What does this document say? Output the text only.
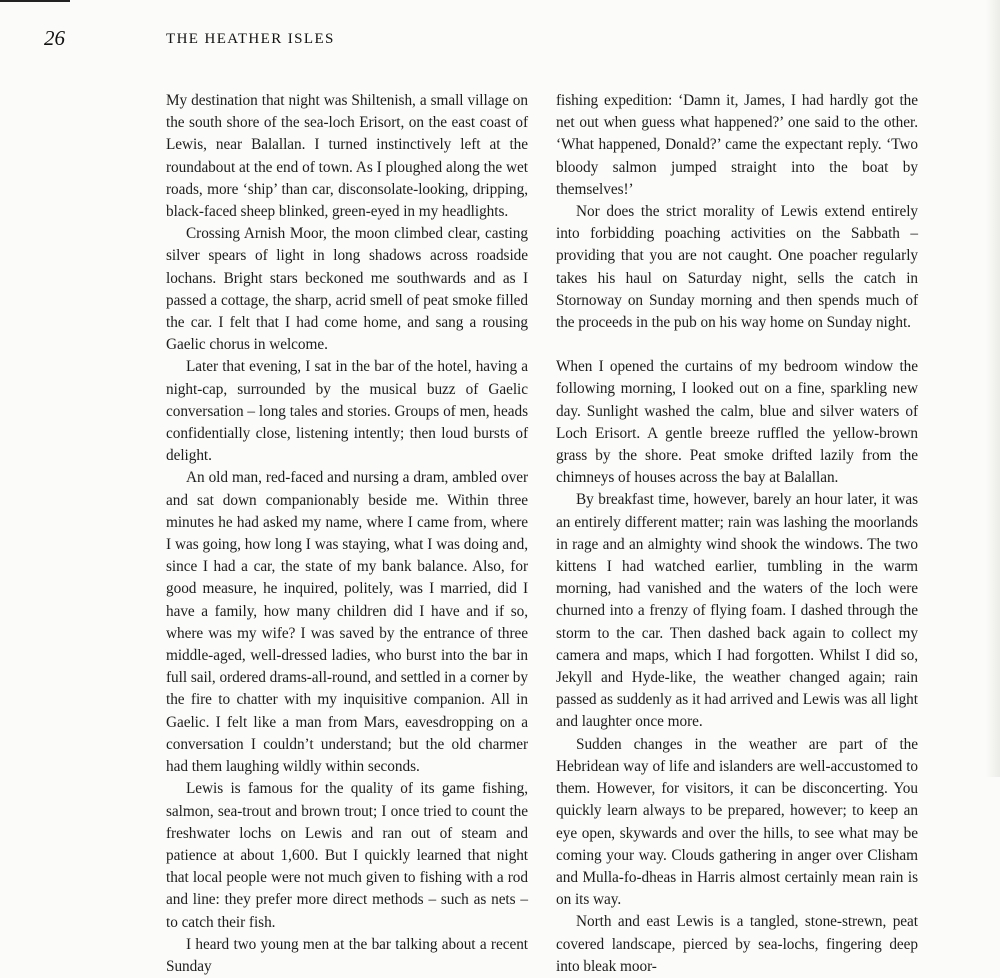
26	THE HEATHER ISLES

My destination that night was Shiltenish, a small village on the south shore of the sea-loch Erisort, on the east coast of Lewis, near Balallan. I turned instinctively left at the roundabout at the end of town. As I ploughed along the wet roads, more ‘ship’ than car, disconsolate-looking, dripping, black-faced sheep blinked, green-eyed in my headlights.

Crossing Arnish Moor, the moon climbed clear, casting silver spears of light in long shadows across roadside lochans. Bright stars beckoned me southwards and as I passed a cottage, the sharp, acrid smell of peat smoke filled the car. I felt that I had come home, and sang a rousing Gaelic chorus in welcome.

Later that evening, I sat in the bar of the hotel, having a night-cap, surrounded by the musical buzz of Gaelic conversation – long tales and stories. Groups of men, heads confidentially close, listening intently; then loud bursts of delight.

An old man, red-faced and nursing a dram, ambled over and sat down companionably beside me. Within three minutes he had asked my name, where I came from, where I was going, how long I was staying, what I was doing and, since I had a car, the state of my bank balance. Also, for good measure, he inquired, politely, was I married, did I have a family, how many children did I have and if so, where was my wife? I was saved by the entrance of three middle-aged, well-dressed ladies, who burst into the bar in full sail, ordered drams-all-round, and settled in a corner by the fire to chatter with my inquisitive companion. All in Gaelic. I felt like a man from Mars, eavesdropping on a conversation I couldn’t understand; but the old charmer had them laughing wildly within seconds.

Lewis is famous for the quality of its game fishing, salmon, sea-trout and brown trout; I once tried to count the freshwater lochs on Lewis and ran out of steam and patience at about 1,600. But I quickly learned that night that local people were not much given to fishing with a rod and line: they prefer more direct methods – such as nets – to catch their fish.

I heard two young men at the bar talking about a recent Sunday

fishing expedition: ‘Damn it, James, I had hardly got the net out when guess what happened?’ one said to the other. ‘What happened, Donald?’ came the expectant reply. ‘Two bloody salmon jumped straight into the boat by themselves!’

Nor does the strict morality of Lewis extend entirely into forbidding poaching activities on the Sabbath – providing that you are not caught. One poacher regularly takes his haul on Saturday night, sells the catch in Stornoway on Sunday morning and then spends much of the proceeds in the pub on his way home on Sunday night.

When I opened the curtains of my bedroom window the following morning, I looked out on a fine, sparkling new day. Sunlight washed the calm, blue and silver waters of Loch Erisort. A gentle breeze ruffled the yellow-brown grass by the shore. Peat smoke drifted lazily from the chimneys of houses across the bay at Balallan.

By breakfast time, however, barely an hour later, it was an entirely different matter; rain was lashing the moorlands in rage and an almighty wind shook the windows. The two kittens I had watched earlier, tumbling in the warm morning, had vanished and the waters of the loch were churned into a frenzy of flying foam. I dashed through the storm to the car. Then dashed back again to collect my camera and maps, which I had forgotten. Whilst I did so, Jekyll and Hyde-like, the weather changed again; rain passed as suddenly as it had arrived and Lewis was all light and laughter once more.

Sudden changes in the weather are part of the Hebridean way of life and islanders are well-accustomed to them. However, for visitors, it can be disconcerting. You quickly learn always to be prepared, however; to keep an eye open, skywards and over the hills, to see what may be coming your way. Clouds gathering in anger over Clisham and Mulla-fo-dheas in Harris almost certainly mean rain is on its way.

North and east Lewis is a tangled, stone-strewn, peat covered landscape, pierced by sea-lochs, fingering deep into bleak moor-
